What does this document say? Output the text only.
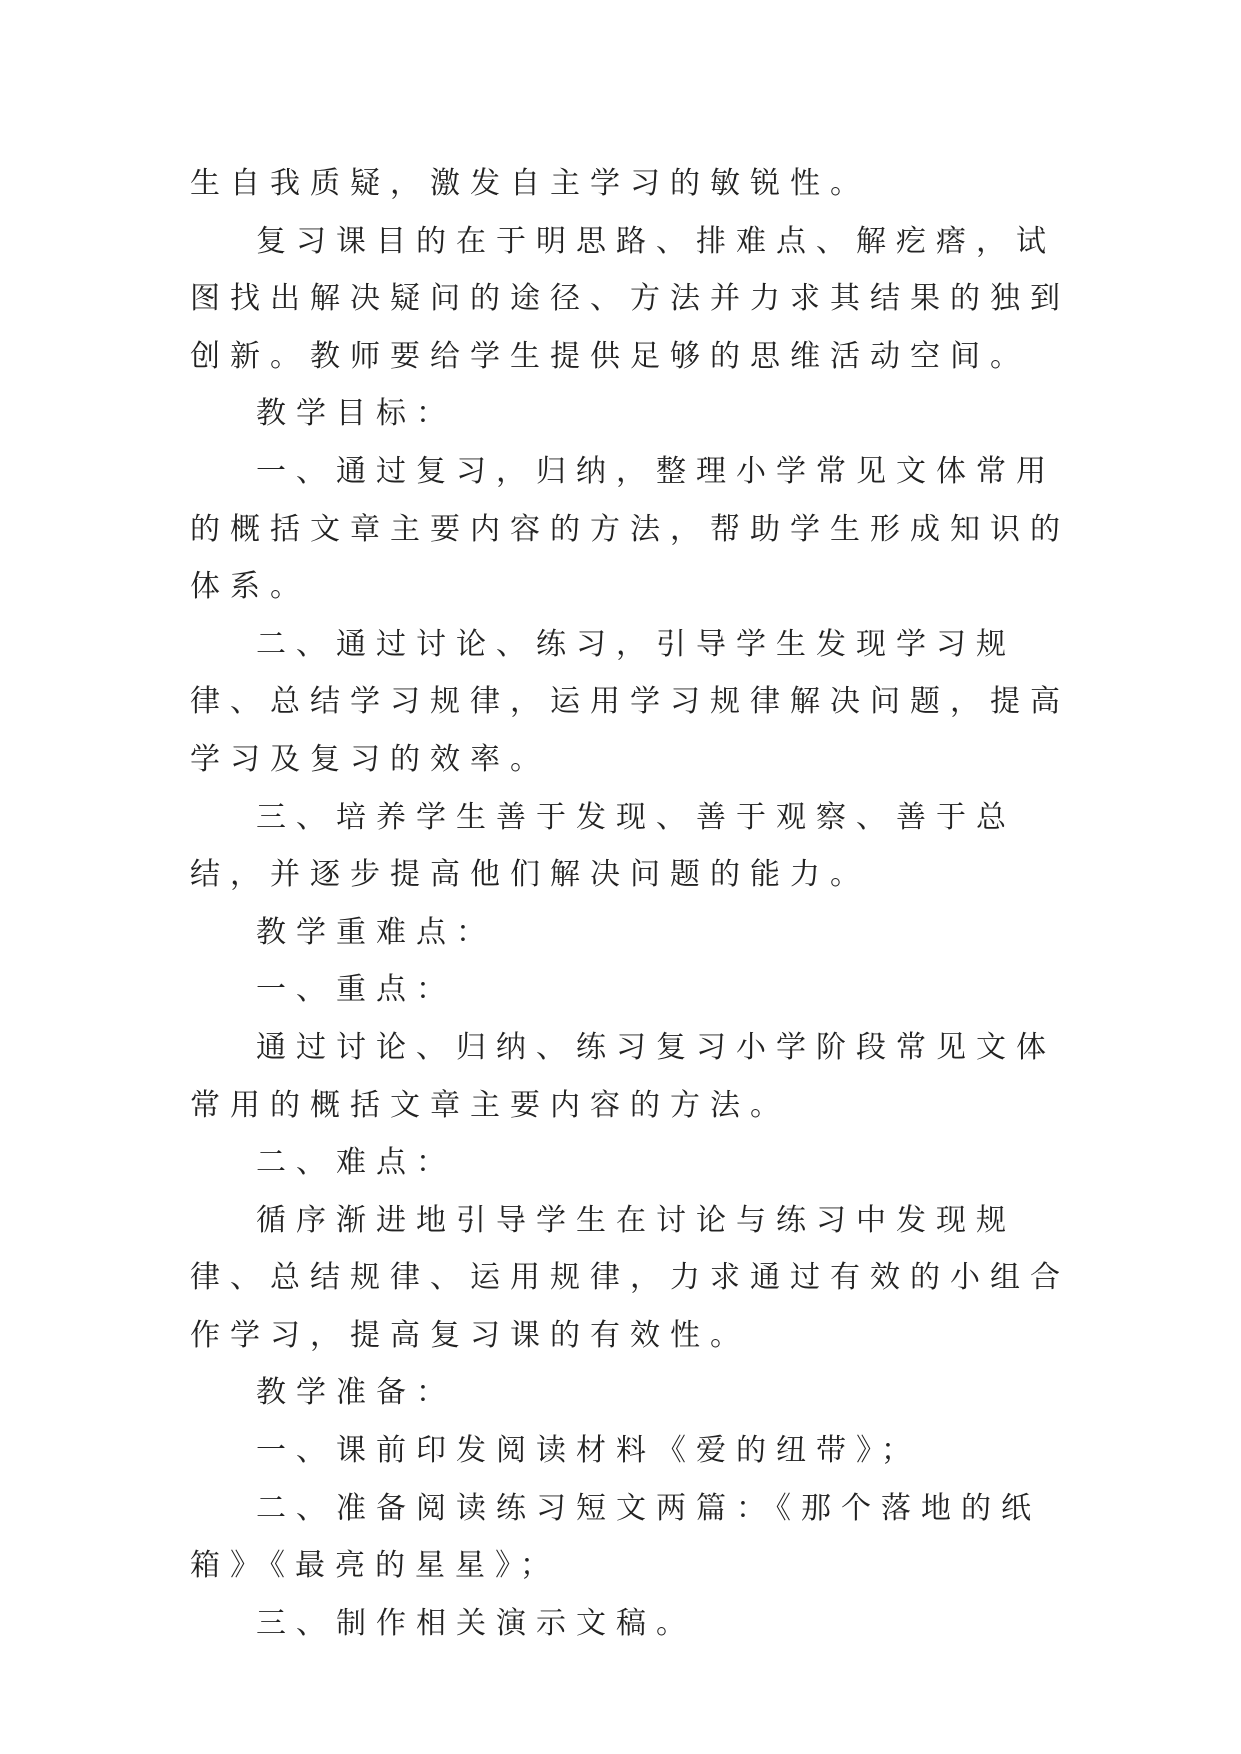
生自我质疑，激发自主学习的敏锐性。

复习课目的在于明思路、排难点、解疙瘩，试图找出解决疑问的途径、方法并力求其结果的独到创新。教师要给学生提供足够的思维活动空间。

教学目标：

一、通过复习，归纳，整理小学常见文体常用的概括文章主要内容的方法，帮助学生形成知识的体系。

二、通过讨论、练习，引导学生发现学习规律、总结学习规律，运用学习规律解决问题，提高学习及复习的效率。

三、培养学生善于发现、善于观察、善于总结，并逐步提高他们解决问题的能力。

教学重难点：

一、重点：

通过讨论、归纳、练习复习小学阶段常见文体常用的概括文章主要内容的方法。

二、难点：

循序渐进地引导学生在讨论与练习中发现规律、总结规律、运用规律，力求通过有效的小组合作学习，提高复习课的有效性。

教学准备：

一、课前印发阅读材料《爱的纽带》；

二、准备阅读练习短文两篇：《那个落地的纸箱》《最亮的星星》；

三、制作相关演示文稿。
